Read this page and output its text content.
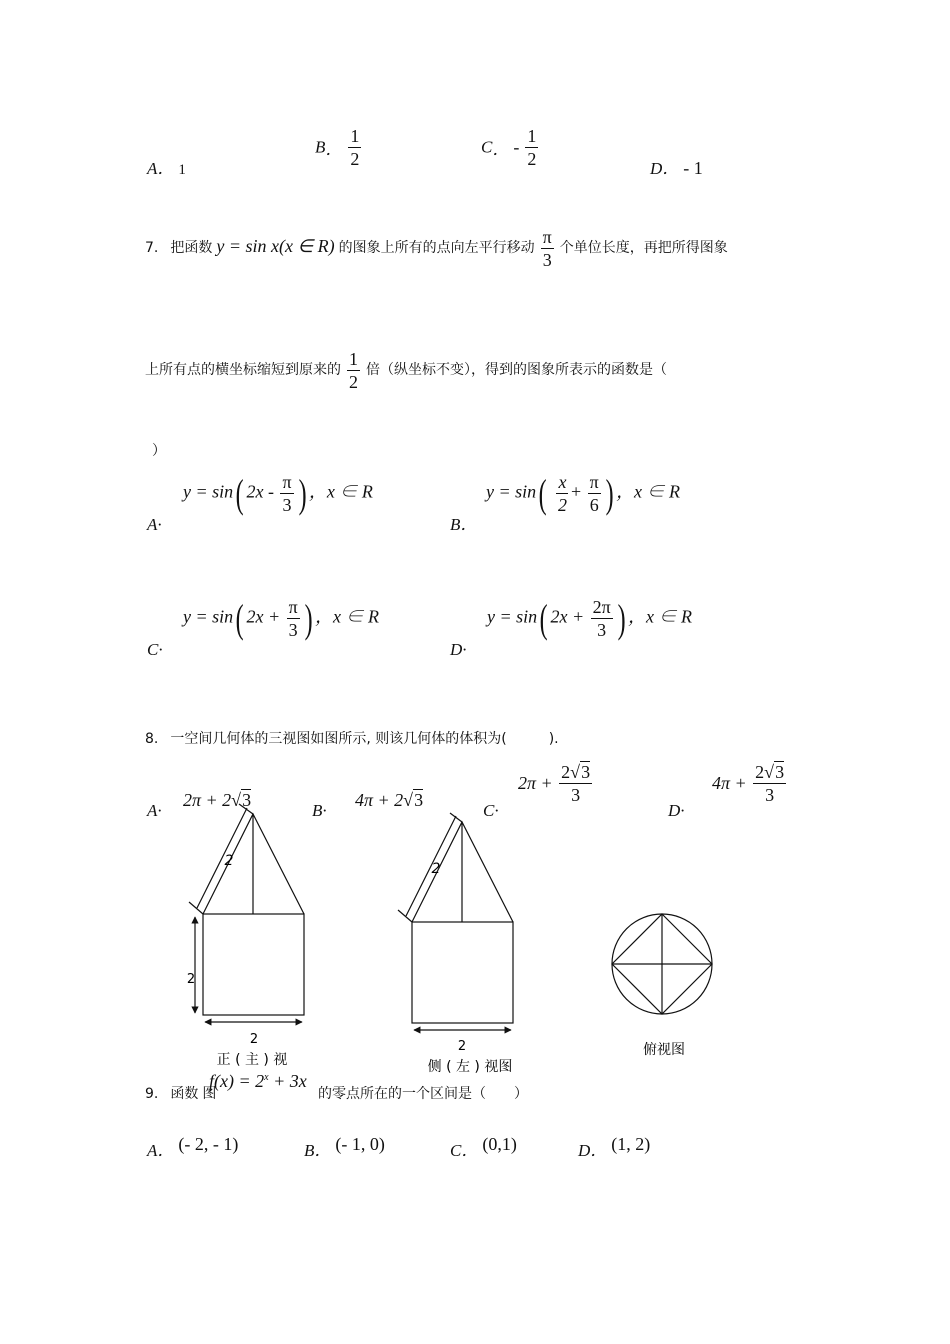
A． 1
B． $\frac{1}{2}$	C． - $\frac{1}{2}$
D． - 1
7. 把函数 y = sin x(x ∈ R) 的图象上所有的点向左平行移动 $\frac{\pi}{3}$ 个单位长度，再把所得图象
上所有点的横坐标缩短到原来的 $\frac{1}{2}$ 倍（纵坐标不变），得到的图象所表示的函数是（
）
A·
y = sin( $2x - \frac{\pi}{3}$ ) ，x ∈ R
B．
$y = \sin( \frac{x}{2} + \frac{\pi}{6}$ ) ，x ∈ R
C·
y = sin( $2x + \frac{\pi}{3}$ ) ，x ∈ R
D·
y = sin( $2x + \frac{2\pi}{3}$ ) ，x ∈ R
8. 一空间几何体的三视图如图所示, 则该几何体的体积为(　　　).
A·
2π + 2√3
B·
4π + 2√3
C·
$2\pi + \frac{2√3}{3}$
D·
$4\pi + \frac{2√3}{3}$
2
2
2
正 ( 主 ) 视
2
2
侧 ( 左 ) 视图
俯视图
9. 函数 图
$f(x) = 2^x + 3x$
的零点所在的一个区间是（　　）
A． (- 2, - 1)	B． (- 1, 0)	C． (0,1)	D． (1, 2)
